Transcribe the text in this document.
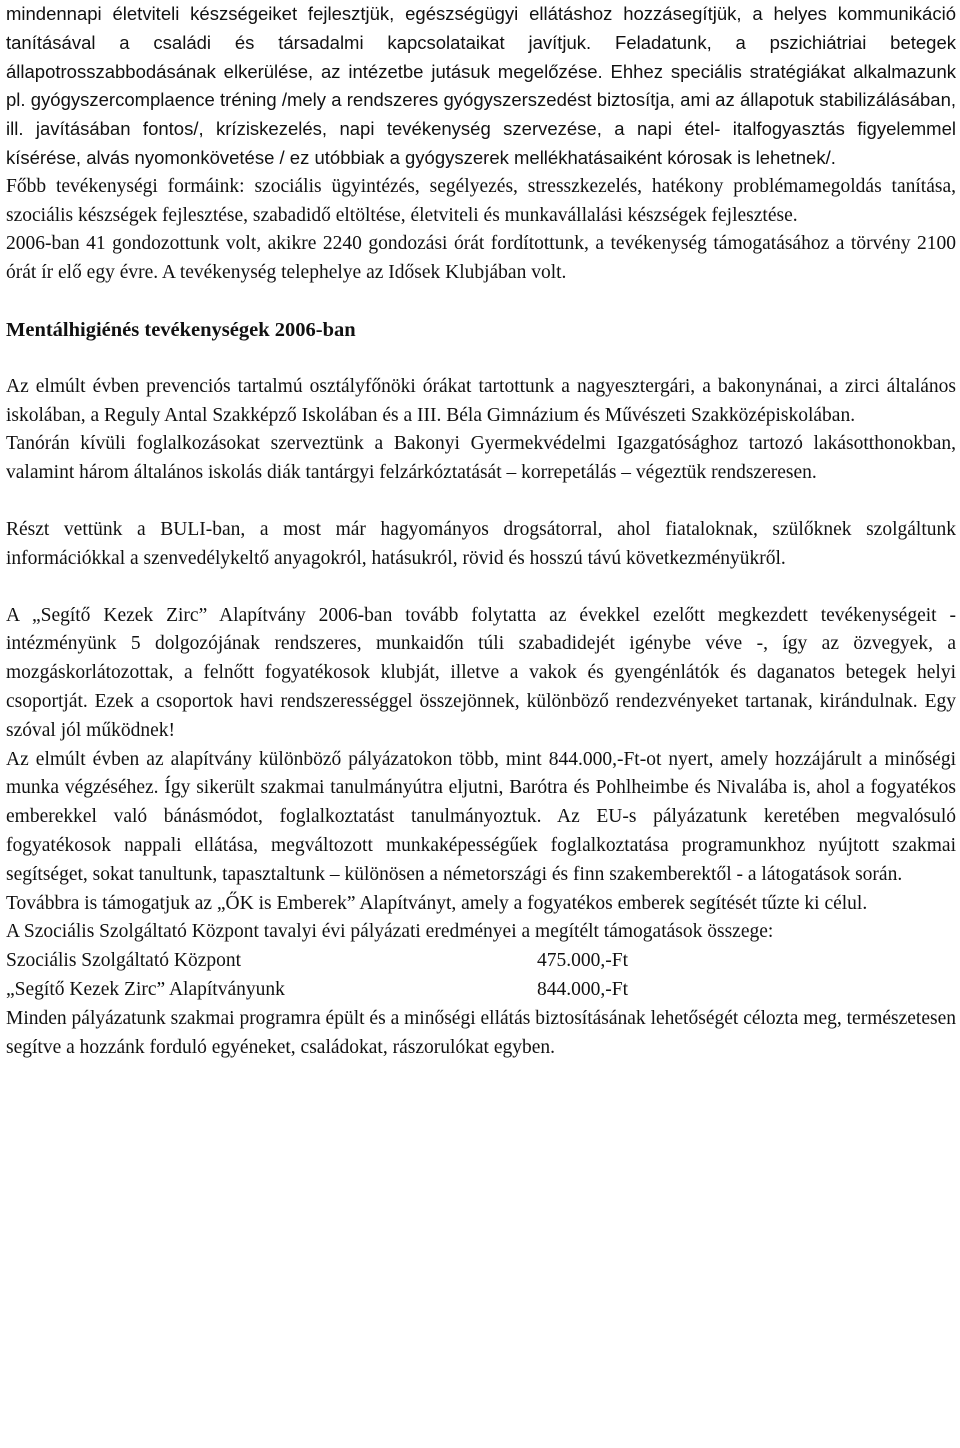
mindennapi életviteli készségeiket fejlesztjük, egészségügyi ellátáshoz hozzásegítjük, a helyes kommunikáció tanításával a családi és társadalmi kapcsolataikat javítjuk. Feladatunk, a pszichiátriai betegek állapotrosszabbodásának elkerülése, az intézetbe jutásuk megelőzése. Ehhez speciális stratégiákat alkalmazunk pl. gyógyszercomplaence tréning /mely a rendszeres gyógyszerszedést biztosítja, ami az állapotuk stabilizálásában, ill. javításában fontos/, kríziskezelés, napi tevékenység szervezése, a napi étel- italfogyasztás figyelemmel kísérése, alvás nyomonkövetése / ez utóbbiak a gyógyszerek mellékhatásaiként kórosak is lehetnek/.

Főbb tevékenységi formáink: szociális ügyintézés, segélyezés, stresszkezelés, hatékony problémamegoldás tanítása, szociális készségek fejlesztése, szabadidő eltöltése, életviteli és munkavállalási készségek fejlesztése.

2006-ban 41 gondozottunk volt, akikre 2240 gondozási órát fordítottunk, a tevékenység támogatásához a törvény 2100 órát ír elő egy évre. A tevékenység telephelye az Idősek Klubjában volt.

Mentálhigiénés tevékenységek 2006-ban

Az elmúlt évben prevenciós tartalmú osztályfőnöki órákat tartottunk a nagyesztergári, a bakonynánai, a zirci általános iskolában, a Reguly Antal Szakképző Iskolában és a III. Béla Gimnázium és Művészeti Szakközépiskolában.

Tanórán kívüli foglalkozásokat szerveztünk a Bakonyi Gyermekvédelmi Igazgatósághoz tartozó lakásotthonokban, valamint három általános iskolás diák tantárgyi felzárkóztatását – korrepetálás – végeztük rendszeresen.

Részt vettünk a BULI-ban, a most már hagyományos drogsátorral, ahol fiataloknak, szülőknek szolgáltunk információkkal a szenvedélykeltő anyagokról, hatásukról, rövid és hosszú távú következményükről.

A „Segítő Kezek Zirc” Alapítvány 2006-ban tovább folytatta az évekkel ezelőtt megkezdett tevékenységeit - intézményünk 5 dolgozójának rendszeres, munkaidőn túli szabadidejét igénybe véve -, így az özvegyek, a mozgáskorlátozottak, a felnőtt fogyatékosok klubját, illetve a vakok és gyengénlátók és daganatos betegek helyi csoportját. Ezek a csoportok havi rendszerességgel összejönnek, különböző rendezvényeket tartanak, kirándulnak. Egy szóval jól működnek!

Az elmúlt évben az alapítvány különböző pályázatokon több, mint 844.000,-Ft-ot nyert, amely hozzájárult a minőségi munka végzéséhez. Így sikerült szakmai tanulmányútra eljutni, Barótra és Pohlheimbe és Nivalába is, ahol a fogyatékos emberekkel való bánásmódot, foglalkoztatást tanulmányoztuk. Az EU-s pályázatunk keretében megvalósuló fogyatékosok nappali ellátása, megváltozott munkaképességűek foglalkoztatása programunkhoz nyújtott szakmai segítséget, sokat tanultunk, tapasztaltunk – különösen a németországi és finn szakemberektől - a látogatások során.

Továbbra is támogatjuk az „ŐK is Emberek” Alapítványt, amely a fogyatékos emberek segítését tűzte ki célul.

A Szociális Szolgáltató Központ tavalyi évi pályázati eredményei a megítélt támogatások összege:

Szociális Szolgáltató Központ	475.000,-Ft
„Segítő Kezek Zirc” Alapítványunk	844.000,-Ft

Minden pályázatunk szakmai programra épült és a minőségi ellátás biztosításának lehetőségét célozta meg, természetesen segítve a hozzánk forduló egyéneket, családokat, rászorulókat egyben.
